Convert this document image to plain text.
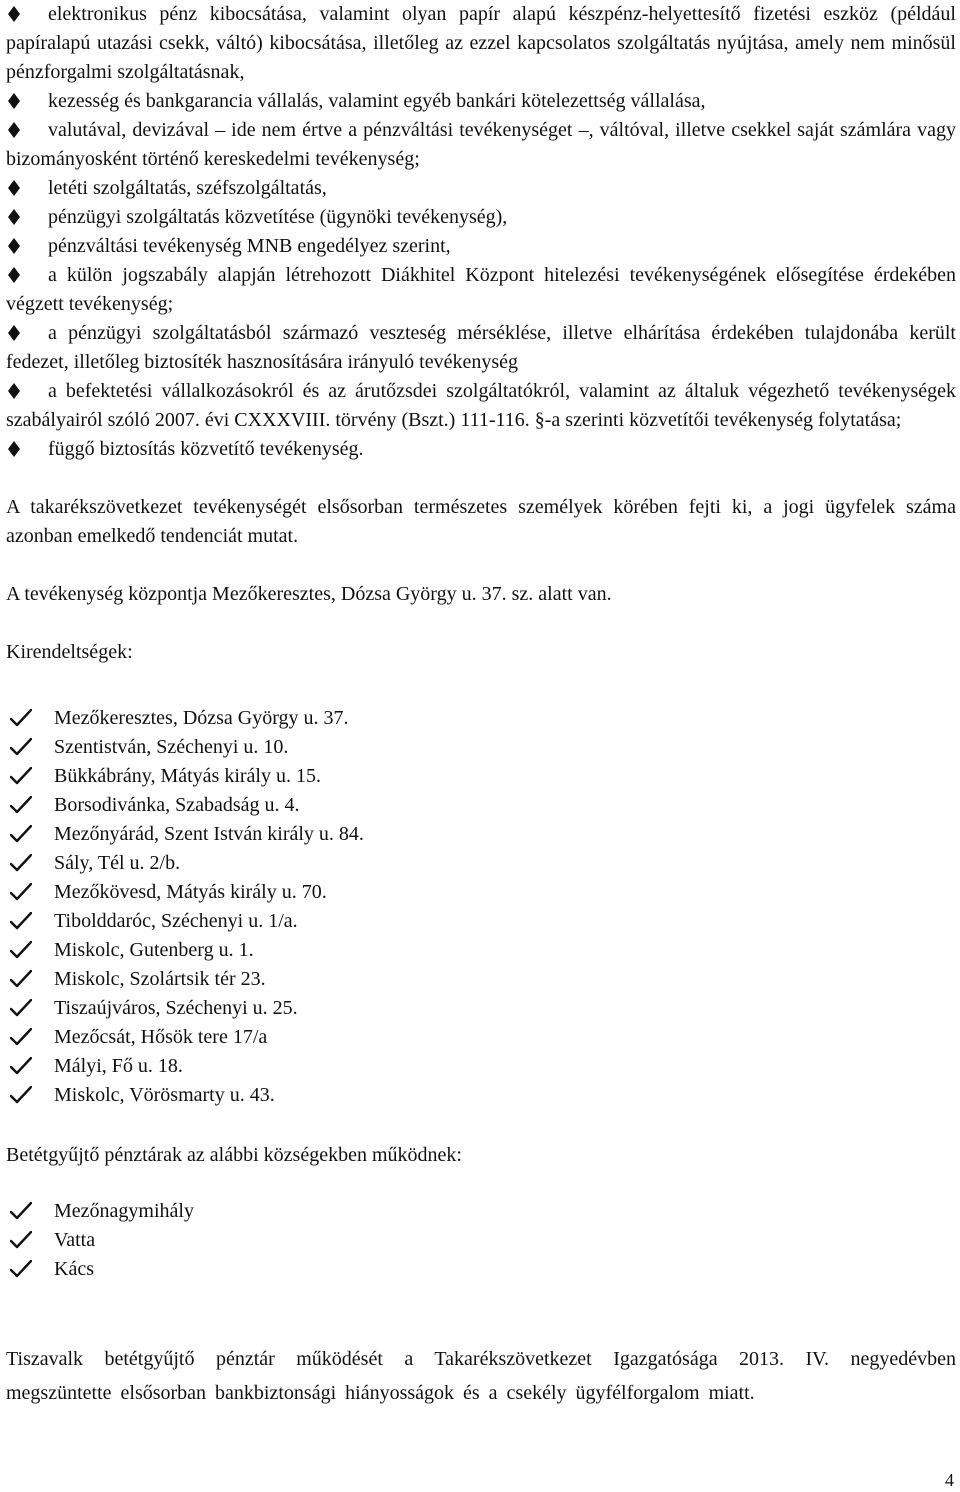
elektronikus pénz kibocsátása, valamint olyan papír alapú készpénz-helyettesítő fizetési eszköz (például papíralapú utazási csekk, váltó) kibocsátása, illetőleg az ezzel kapcsolatos szolgáltatás nyújtása, amely nem minősül pénzforgalmi szolgáltatásnak,
kezesség és bankgarancia vállalás, valamint egyéb bankári kötelezettség vállalása,
valutával, devizával – ide nem értve a pénzváltási tevékenységet –, váltóval, illetve csekkel saját számlára vagy bizományosként történő kereskedelmi tevékenység;
letéti szolgáltatás, széfszolgáltatás,
pénzügyi szolgáltatás közvetítése (ügynöki tevékenység),
pénzváltási tevékenység MNB engedélyez szerint,
a külön jogszabály alapján létrehozott Diákhitel Központ hitelezési tevékenységének elősegítése érdekében végzett tevékenység;
a pénzügyi szolgáltatásból származó veszteség mérséklése, illetve elhárítása érdekében tulajdonába került fedezet, illetőleg biztosíték hasznosítására irányuló tevékenység
a befektetési vállalkozásokról és az árutőzsdei szolgáltatókról, valamint az általuk végezhető tevékenységek szabályairól szóló 2007. évi CXXXVIII. törvény (Bszt.) 111-116. §-a szerinti közvetítői tevékenység folytatása;
függő biztosítás közvetítő tevékenység.

A takarékszövetkezet tevékenységét elsősorban természetes személyek körében fejti ki, a jogi ügyfelek száma azonban emelkedő tendenciát mutat.

A tevékenység központja Mezőkeresztes, Dózsa György u. 37. sz. alatt van.

Kirendeltségek:

Mezőkeresztes, Dózsa György u. 37.
Szentistván, Széchenyi u. 10.
Bükkábrány, Mátyás király u. 15.
Borsodivánka, Szabadság u. 4.
Mezőnyárád, Szent István király u. 84.
Sály, Tél u. 2/b.
Mezőkövesd, Mátyás király u. 70.
Tibolddaróc, Széchenyi u. 1/a.
Miskolc, Gutenberg u. 1.
Miskolc, Szolártsik tér 23.
Tiszaújváros, Széchenyi u. 25.
Mezőcsát, Hősök tere 17/a
Mályi, Fő u. 18.
Miskolc, Vörösmarty u. 43.

Betétgyűjtő pénztárak az alábbi községekben működnek:

Mezőnagymihály
Vatta
Kács

Tiszavalk betétgyűjtő pénztár működését a Takarékszövetkezet Igazgatósága 2013. IV. negyedévben megszüntette elsősorban bankbiztonsági hiányosságok és a csekély ügyfélforgalom miatt.

4
